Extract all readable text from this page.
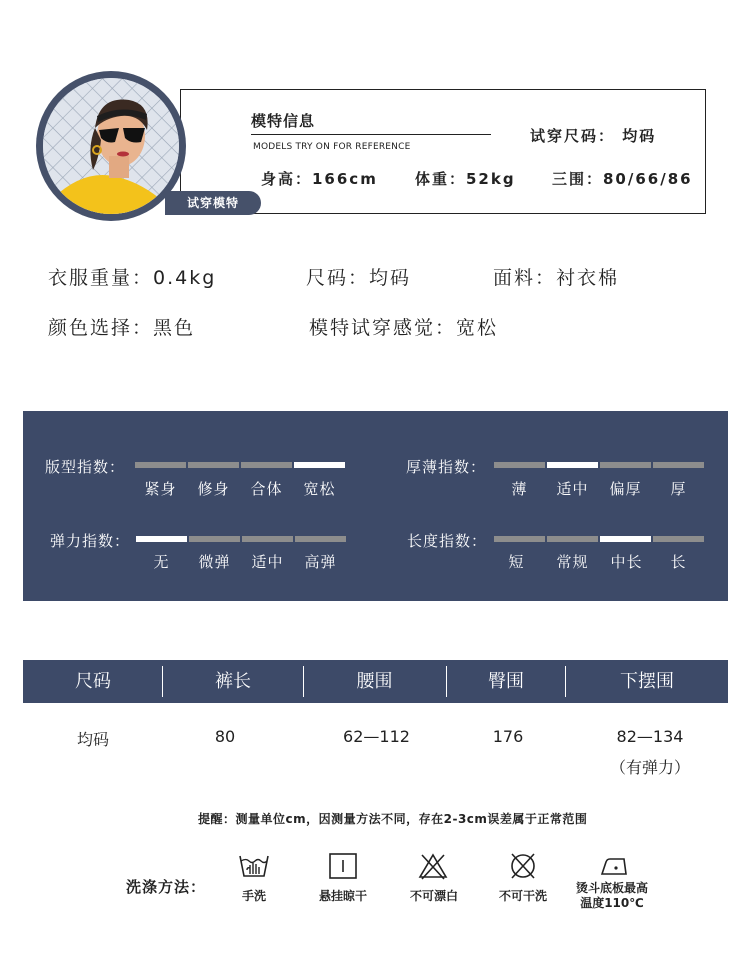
试穿模特
模特信息
MODELS TRY ON FOR REFERENCE
试穿尺码： 均码
身高：166cm 体重：52kg 三围：80/66/86
衣服重量：0.4kg	尺码：均码	面料：衬衣棉
颜色选择：黑色	模特试穿感觉：宽松
版型指数：
紧身	修身	合体	宽松
厚薄指数：
薄	适中	偏厚	厚
弹力指数：
无	微弹	适中	高弹
长度指数：
短	常规	中长	长
尺码	裤长	腰围	臀围	下摆围
均码	80	62—112	176	82—134
（有弹力）
提醒：测量单位cm，因测量方法不同，存在2-3cm误差属于正常范围
洗涤方法：	手洗	悬挂晾干	不可漂白	不可干洗
烫斗底板最高
温度110℃
